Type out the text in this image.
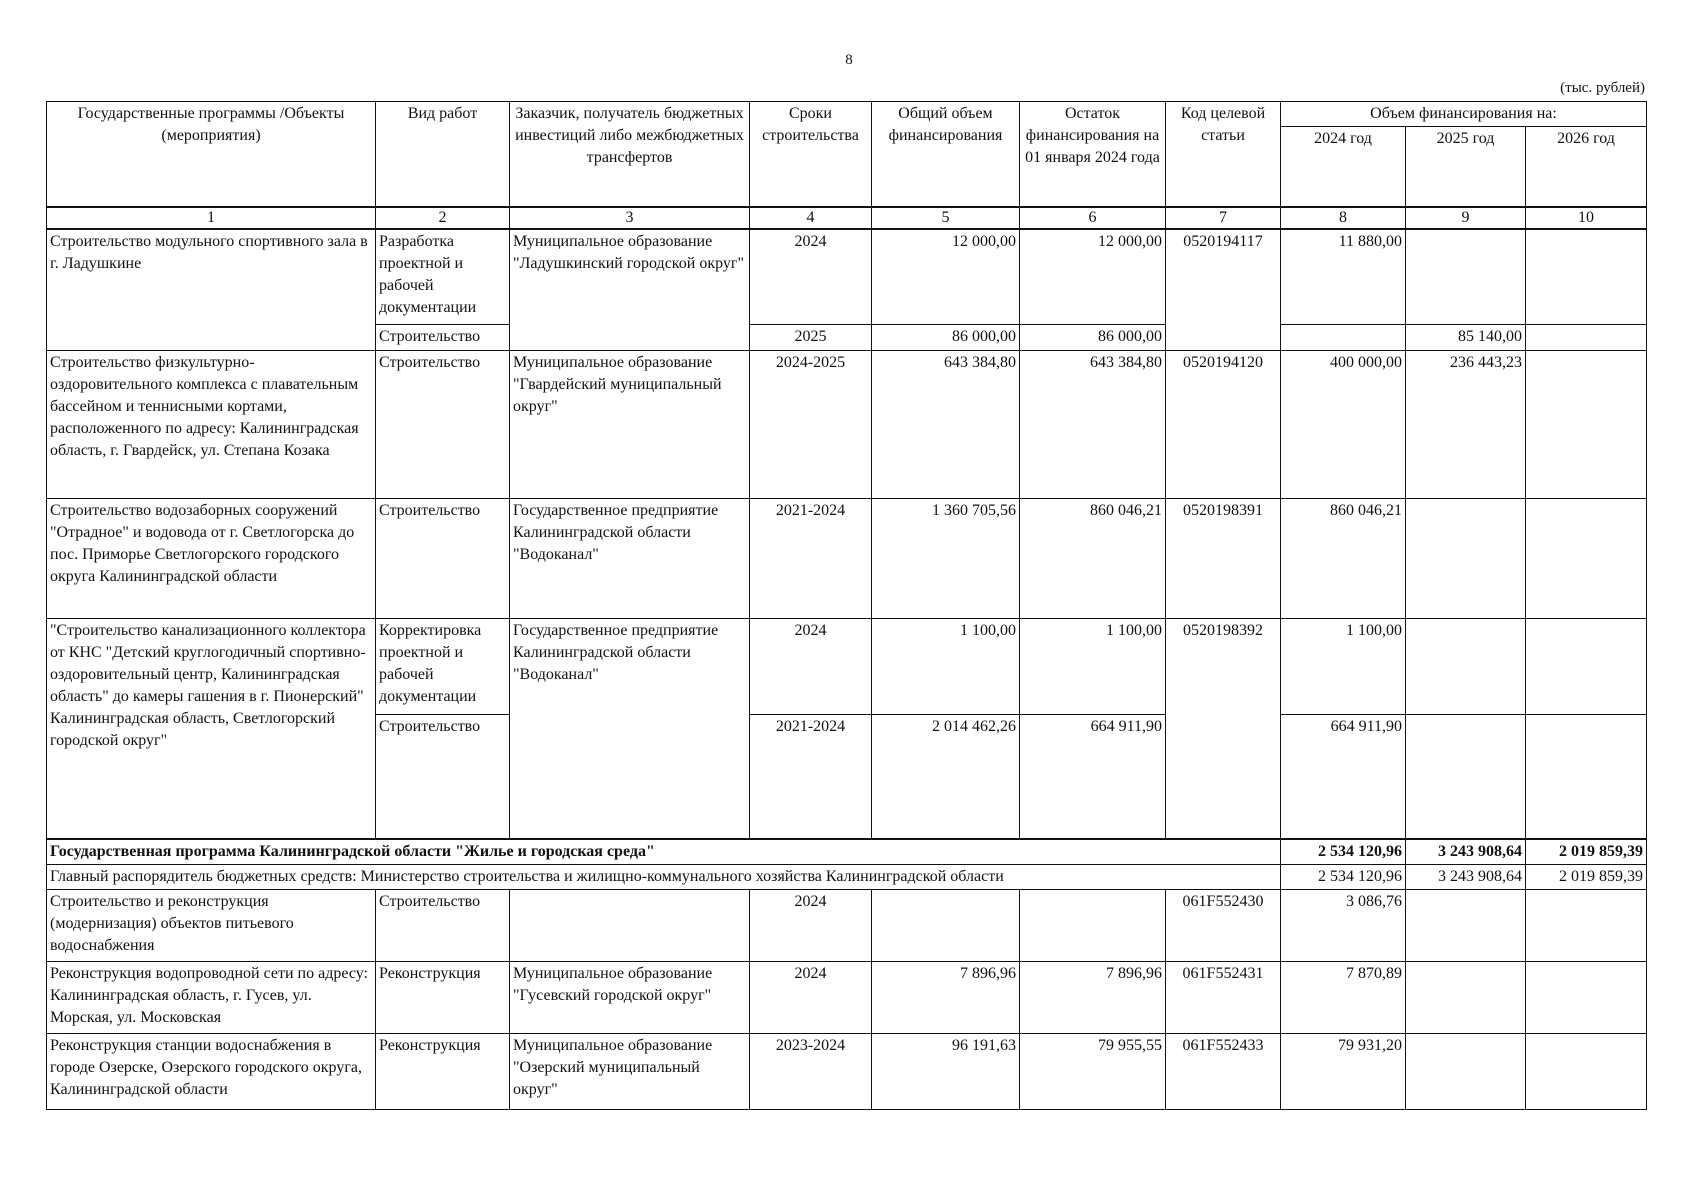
8
(тыс. рублей)
Государственные программы /Объекты (мероприятия)	Вид работ	Заказчик, получатель бюджетных инвестиций либо межбюджетных трансфертов	Сроки строительства	Общий объем финансирования	Остаток финансирования на 01 января 2024 года	Код целевой статьи	Объем финансирования на:		
							2024 год	2025 год	2026 год
1	2	3	4	5	6	7	8	9	10
Строительство модульного спортивного зала в г. Ладушкине	Разработка проектной и рабочей документации	Муниципальное образование "Ладушкинский городской округ"	2024	12 000,00	12 000,00	0520194117	11 880,00		
	Строительство		2025	86 000,00	86 000,00			85 140,00	
Строительство физкультурно-оздоровительного комплекса с плавательным бассейном и теннисными кортами, расположенного по адресу: Калининградская область, г. Гвардейск, ул. Степана Козака	Строительство	Муниципальное образование "Гвардейский муниципальный округ"	2024-2025	643 384,80	643 384,80	0520194120	400 000,00	236 443,23	
Строительство водозаборных сооружений "Отрадное" и водовода от г. Светлогорска до пос. Приморье Светлогорского городского округа Калининградской области	Строительство	Государственное предприятие Калининградской области "Водоканал"	2021-2024	1 360 705,56	860 046,21	0520198391	860 046,21		
"Строительство канализационного коллектора от КНС "Детский круглогодичный спортивно-оздоровительный центр, Калининградская область" до камеры гашения в г. Пионерский" Калининградская область, Светлогорский городской округ"	Корректировка проектной и рабочей документации	Государственное предприятие Калининградской области "Водоканал"	2024	1 100,00	1 100,00	0520198392	1 100,00		
	Строительство		2021-2024	2 014 462,26	664 911,90		664 911,90		
Государственная программа Калининградской области "Жилье и городская среда"							2 534 120,96	3 243 908,64	2 019 859,39
Главный распорядитель бюджетных средств: Министерство строительства и жилищно-коммунального хозяйства Калининградской области							2 534 120,96	3 243 908,64	2 019 859,39
Строительство и реконструкция (модернизация) объектов питьевого водоснабжения	Строительство		2024			061F552430	3 086,76		
Реконструкция водопроводной сети по адресу: Калининградская область, г. Гусев, ул. Морская, ул. Московская	Реконструкция	Муниципальное образование "Гусевский городской округ"	2024	7 896,96	7 896,96	061F552431	7 870,89		
Реконструкция станции водоснабжения в городе Озерске, Озерского городского округа, Калининградской области	Реконструкция	Муниципальное образование "Озерский муниципальный округ"	2023-2024	96 191,63	79 955,55	061F552433	79 931,20		
